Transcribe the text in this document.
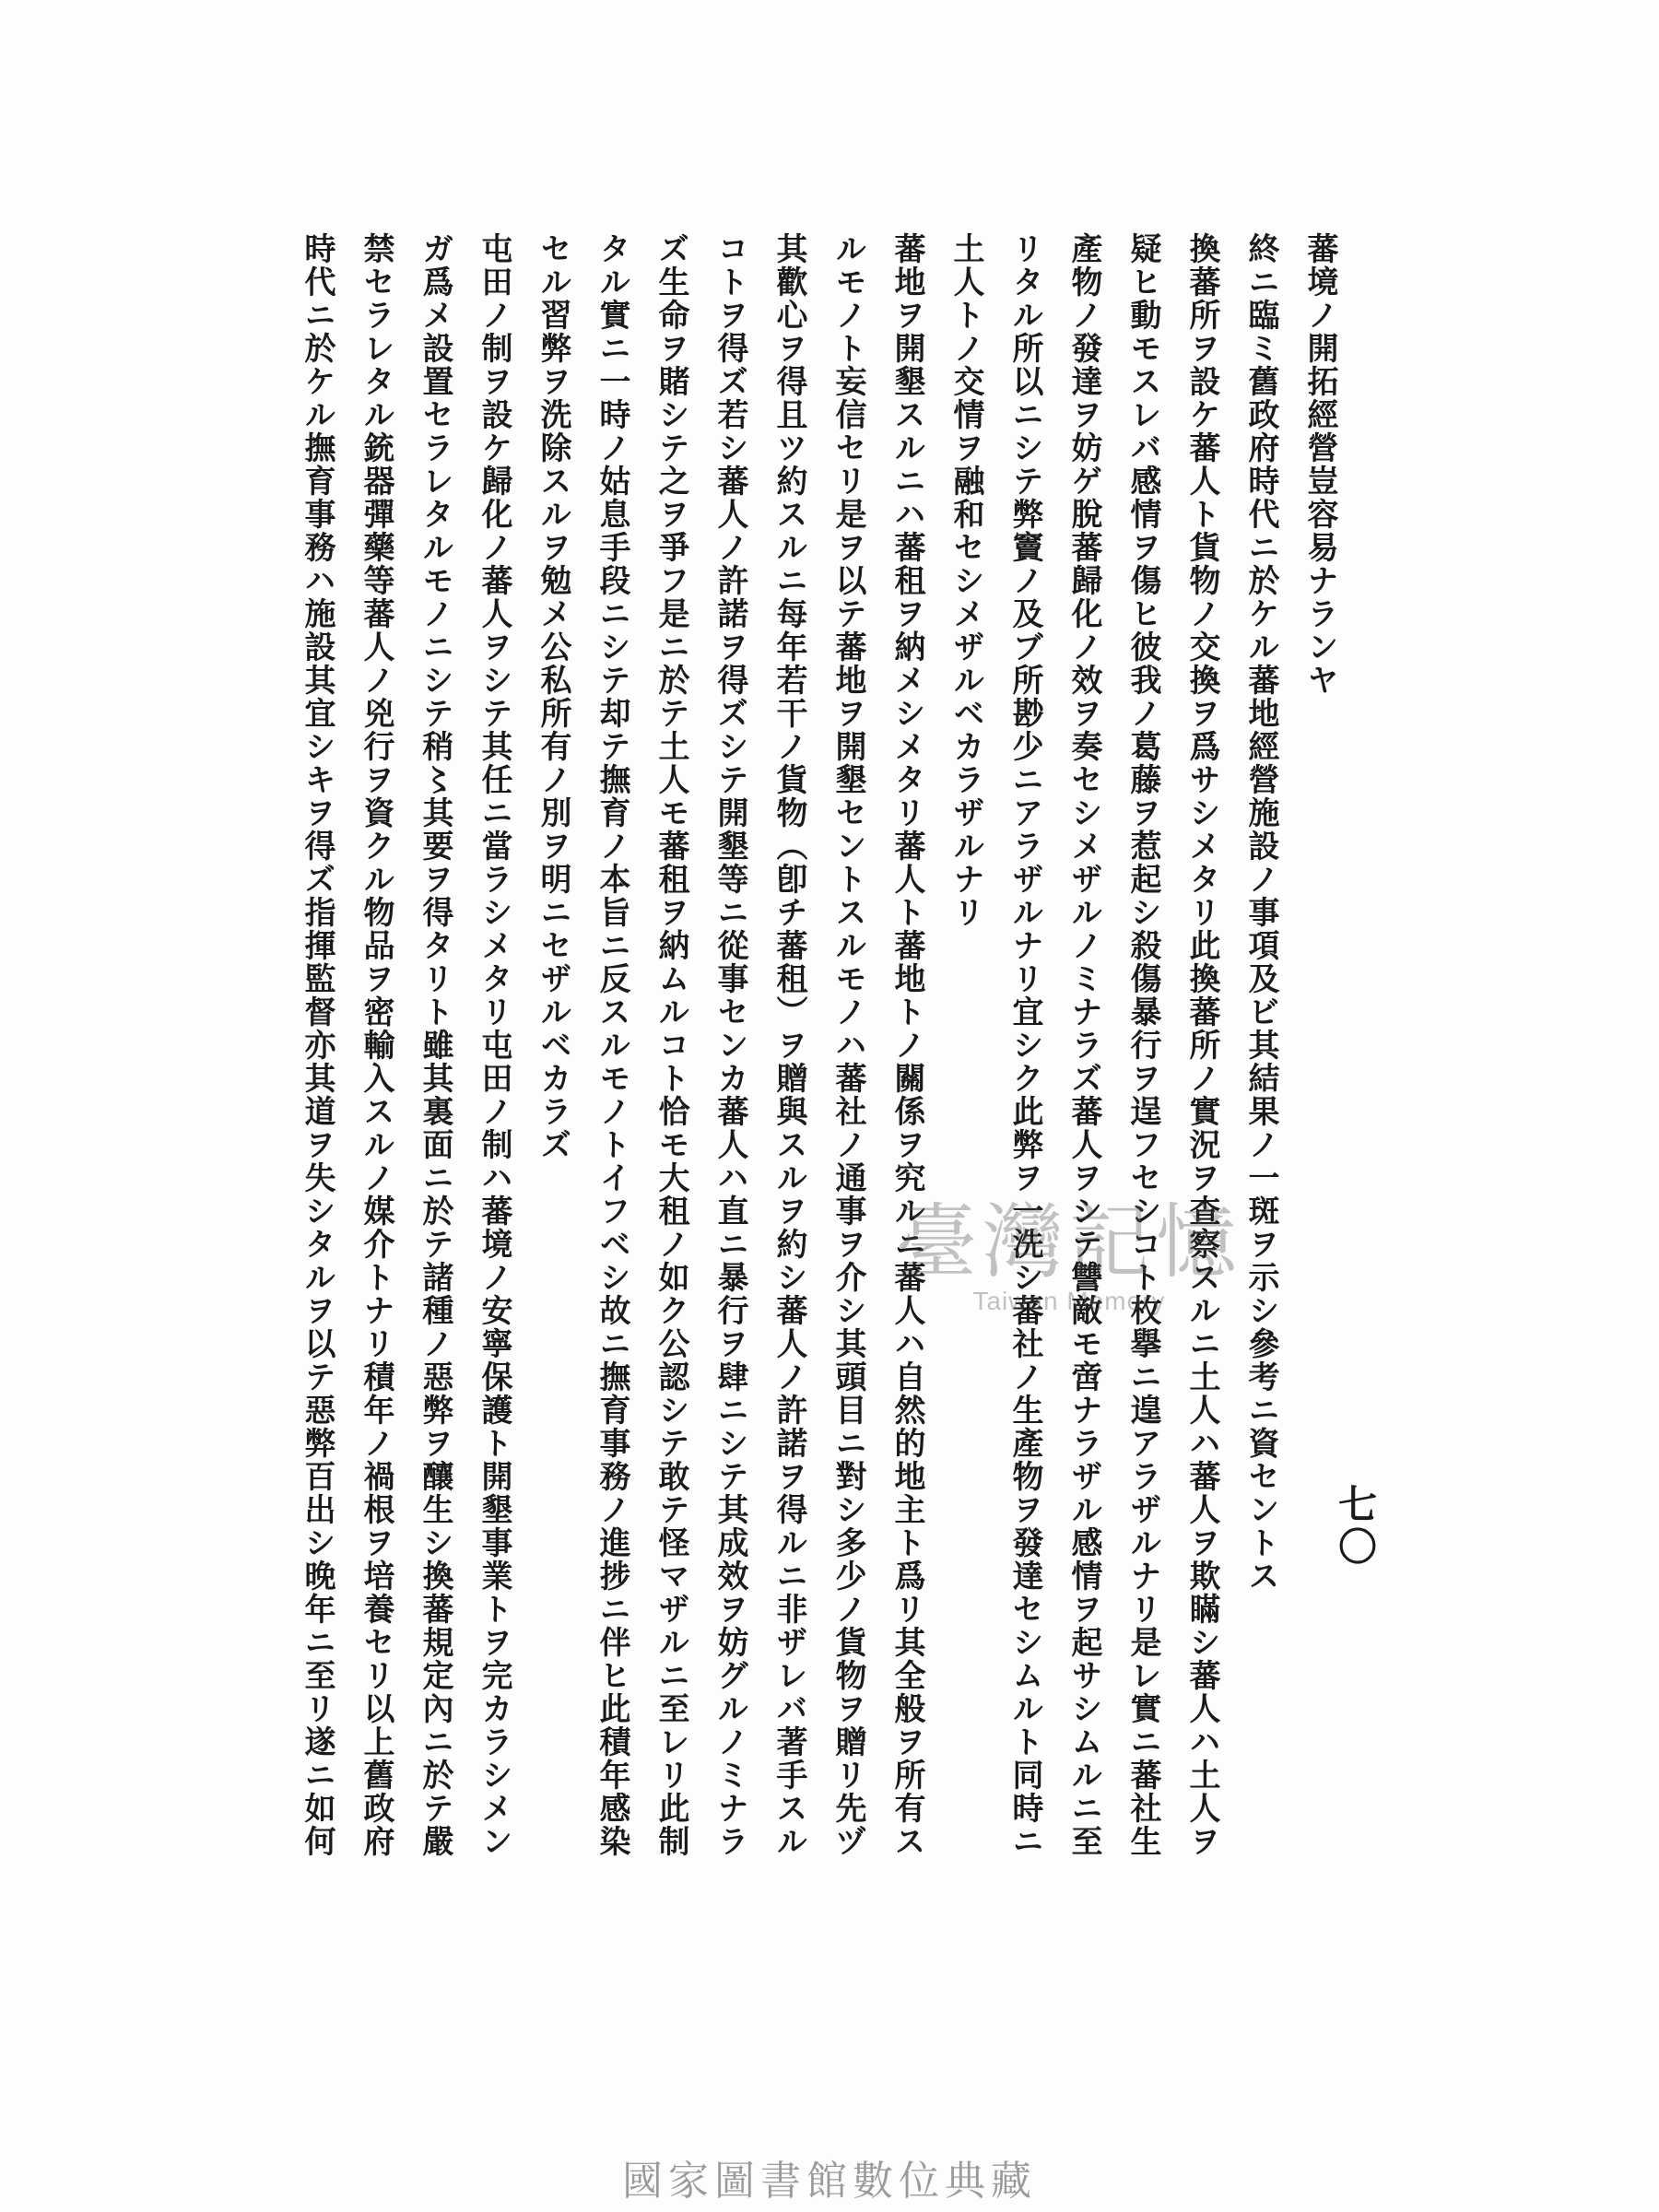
七〇
蕃境ノ開拓經營豈容易ナランヤ
終ニ臨ミ舊政府時代ニ於ケル蕃地經營施設ノ事項及ビ其結果ノ一斑ヲ示シ參考ニ資セントス
換蕃所ヲ設ケ蕃人ト貨物ノ交換ヲ爲サシメタリ此換蕃所ノ實況ヲ查察スルニ土人ハ蕃人ヲ欺瞞シ蕃人ハ土人ヲ
疑ヒ動モスレバ感情ヲ傷ヒ彼我ノ葛藤ヲ惹起シ殺傷暴行ヲ逞フセシコト枚擧ニ遑アラザルナリ是レ實ニ蕃社生
產物ノ發達ヲ妨ゲ脫蕃歸化ノ效ヲ奏セシメザルノミナラズ蕃人ヲシテ讐敵モ啻ナラザル感情ヲ起サシムルニ至
リタル所以ニシテ弊竇ノ及ブ所尠少ニアラザルナリ宜シク此弊ヲ一洗シ蕃社ノ生產物ヲ發達セシムルト同時ニ
土人トノ交情ヲ融和セシメザルベカラザルナリ
蕃地ヲ開墾スルニハ蕃租ヲ納メシメタリ蕃人ト蕃地トノ關係ヲ究ルニ蕃人ハ自然的地主ト爲リ其全般ヲ所有ス
ルモノト妄信セリ是ヲ以テ蕃地ヲ開墾セントスルモノハ蕃社ノ通事ヲ介シ其頭目ニ對シ多少ノ貨物ヲ贈リ先ヅ
其歡心ヲ得且ツ約スルニ每年若干ノ貨物（卽チ蕃租）ヲ贈與スルヲ約シ蕃人ノ許諾ヲ得ルニ非ザレバ著手スル
コトヲ得ズ若シ蕃人ノ許諾ヲ得ズシテ開墾等ニ從事センカ蕃人ハ直ニ暴行ヲ肆ニシテ其成效ヲ妨グルノミナラ
ズ生命ヲ賭シテ之ヲ爭フ是ニ於テ土人モ蕃租ヲ納ムルコト恰モ大租ノ如ク公認シテ敢テ怪マザルニ至レリ此制
タル實ニ一時ノ姑息手段ニシテ却テ撫育ノ本旨ニ反スルモノトイフベシ故ニ撫育事務ノ進捗ニ伴ヒ此積年感染
セル習弊ヲ洗除スルヲ勉メ公私所有ノ別ヲ明ニセザルベカラズ
屯田ノ制ヲ設ケ歸化ノ蕃人ヲシテ其任ニ當ラシメタリ屯田ノ制ハ蕃境ノ安寧保護ト開墾事業トヲ完カラシメン
ガ爲メ設置セラレタルモノニシテ稍〻其要ヲ得タリト雖其裏面ニ於テ諸種ノ惡弊ヲ釀生シ換蕃規定內ニ於テ嚴
禁セラレタル銃器彈藥等蕃人ノ兇行ヲ資クル物品ヲ密輸入スルノ媒介トナリ積年ノ禍根ヲ培養セリ以上舊政府
時代ニ於ケル撫育事務ハ施設其宜シキヲ得ズ指揮監督亦其道ヲ失シタルヲ以テ惡弊百出シ晚年ニ至リ遂ニ如何	臺灣記憶
Taiwan Memory
國家圖書館數位典藏
